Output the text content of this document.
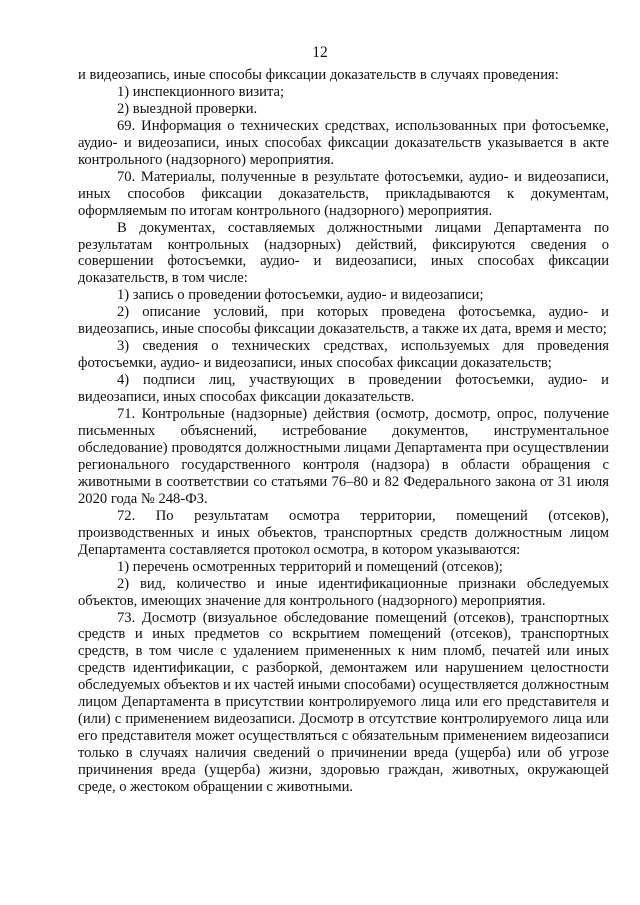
12

и видеозапись, иные способы фиксации доказательств в случаях проведения:

1) инспекционного визита;

2) выездной проверки.

69. Информация о технических средствах, использованных при фотосъемке, аудио- и видеозаписи, иных способах фиксации доказательств указывается в акте контрольного (надзорного) мероприятия.

70. Материалы, полученные в результате фотосъемки, аудио- и видеозаписи, иных способов фиксации доказательств, прикладываются к документам, оформляемым по итогам контрольного (надзорного) мероприятия.

В документах, составляемых должностными лицами Департамента по результатам контрольных (надзорных) действий, фиксируются сведения о совершении фотосъемки, аудио- и видеозаписи, иных способах фиксации доказательств, в том числе:

1) запись о проведении фотосъемки, аудио- и видеозаписи;

2) описание условий, при которых проведена фотосъемка, аудио- и видеозапись, иные способы фиксации доказательств, а также их дата, время и место;

3) сведения о технических средствах, используемых для проведения фотосъемки, аудио- и видеозаписи, иных способах фиксации доказательств;

4) подписи лиц, участвующих в проведении фотосъемки, аудио- и видеозаписи, иных способах фиксации доказательств.

71. Контрольные (надзорные) действия (осмотр, досмотр, опрос, получение письменных объяснений, истребование документов, инструментальное обследование) проводятся должностными лицами Департамента при осуществлении регионального государственного контроля (надзора) в области обращения с животными в соответствии со статьями 76–80 и 82 Федерального закона от 31 июля 2020 года № 248-ФЗ.

72. По результатам осмотра территории, помещений (отсеков), производственных и иных объектов, транспортных средств должностным лицом Департамента составляется протокол осмотра, в котором указываются:

1) перечень осмотренных территорий и помещений (отсеков);

2) вид, количество и иные идентификационные признаки обследуемых объектов, имеющих значение для контрольного (надзорного) мероприятия.

73. Досмотр (визуальное обследование помещений (отсеков), транспортных средств и иных предметов со вскрытием помещений (отсеков), транспортных средств, в том числе с удалением примененных к ним пломб, печатей или иных средств идентификации, с разборкой, демонтажем или нарушением целостности обследуемых объектов и их частей иными способами) осуществляется должностным лицом Департамента в присутствии контролируемого лица или его представителя и (или) с применением видеозаписи. Досмотр в отсутствие контролируемого лица или его представителя может осуществляться с обязательным применением видеозаписи только в случаях наличия сведений о причинении вреда (ущерба) или об угрозе причинения вреда (ущерба) жизни, здоровью граждан, животных, окружающей среде, о жестоком обращении с животными.
